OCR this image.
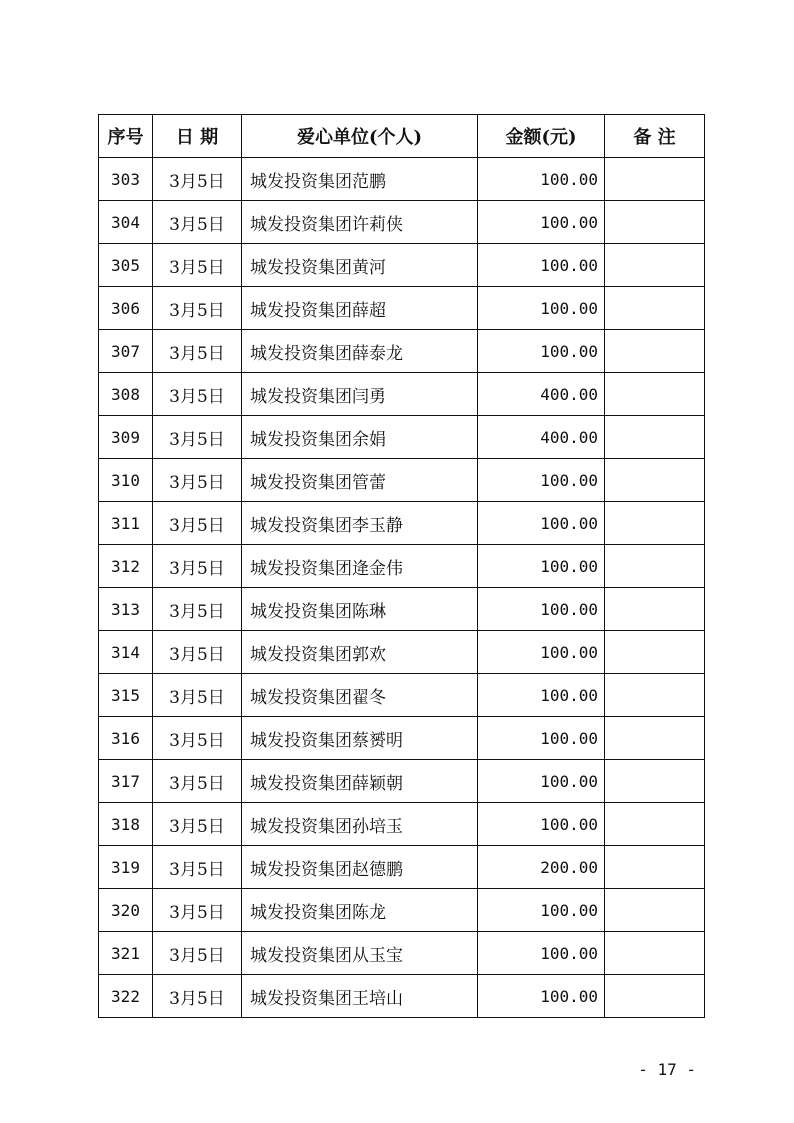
序号	日 期	爱心单位(个人)	金额(元)	备 注
303	3月5日	城发投资集团范鹏	100.00	
304	3月5日	城发投资集团许莉侠	100.00	
305	3月5日	城发投资集团黄河	100.00	
306	3月5日	城发投资集团薛超	100.00	
307	3月5日	城发投资集团薛泰龙	100.00	
308	3月5日	城发投资集团闫勇	400.00	
309	3月5日	城发投资集团余娟	400.00	
310	3月5日	城发投资集团管蕾	100.00	
311	3月5日	城发投资集团李玉静	100.00	
312	3月5日	城发投资集团逄金伟	100.00	
313	3月5日	城发投资集团陈琳	100.00	
314	3月5日	城发投资集团郭欢	100.00	
315	3月5日	城发投资集团翟冬	100.00	
316	3月5日	城发投资集团蔡赟明	100.00	
317	3月5日	城发投资集团薛颖朝	100.00	
318	3月5日	城发投资集团孙培玉	100.00	
319	3月5日	城发投资集团赵德鹏	200.00	
320	3月5日	城发投资集团陈龙	100.00	
321	3月5日	城发投资集团从玉宝	100.00	
322	3月5日	城发投资集团王培山	100.00	
- 17 -
